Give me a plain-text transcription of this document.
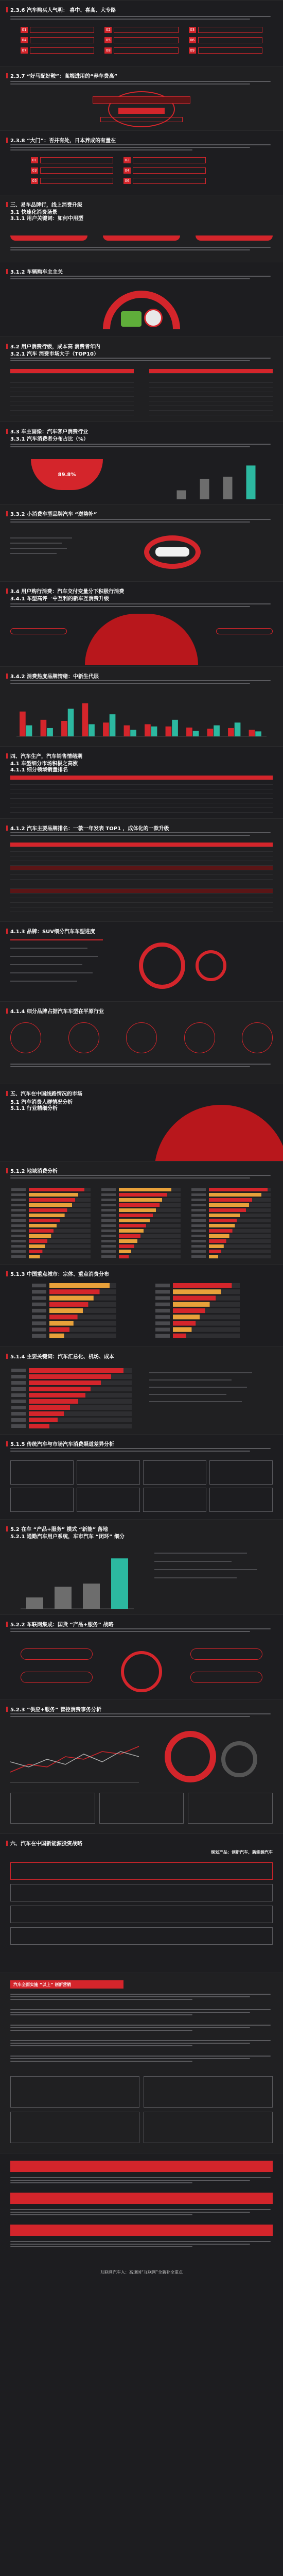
2.3.6 汽车购买人气明： 喜中、喜高、大专路
01	02	03
04	05	06
07	08	09
2.3.7 “好马配好鞍”：高端进用的“养车费高”
2.3.8 “大门”：否并有处，日本养成的有量在
01	02
03	04
05	06
三、易车品牌行，线上消费升级
3.1 快速化消费场景
3.1.1 用户关键词：如何中用型
3.1.2 车辆购车主主关
3.2 用户消费行级，成本高 消费者年内
3.2.1 汽车 消费市场大于（TOP10）
3.3 车主画像：汽车客户消费行业
3.3.1 汽车消费者分布占比（%）
89.8%
3.3.2 小消费车型品牌汽车 “逆势补”
3.4 用户购行消费：汽车交付变量分下积极行消费
3.4.1 车型高评一中互利的新车互消费升级
3.4.2 消费热度品牌情绪：中新生代层
四、汽车生产，汽车销售情绪期
4.1 车型细分市场积极之高涨
4.1.1 细分领域销量排名
4.1.2 汽车主要品牌排名：一款一年发表 TOP1 ，成体化的一款升级
4.1.3 品牌：SUV细分汽车车型进度
4.1.4 细分品牌占据汽车车型在平原行业
五、汽车在中国线路情况的市场
5.1 汽车消费人群情况分析
5.1.1 行业精细分析
5.1.2 地域消费分析
5.1.3 中国重点城市：宗体、重点消费分布
5.1.4 主要关键词：汽车汇总化、机场、成本
5.1.5 传统汽车与市场汽车消费渠道差异分析
5.2 在车 “产品+服务” 模式 “新能” 落地
5.2.1 通勤汽车用户系统，车市汽车 “闭环” 细分
5.2.2 车联网集成：国货 “产品+服务” 战略
5.2.3 “供应+服务” 管控消费事务分析
六、汽车在中国新能源投资战略
规划产品：创新汽车、新能源汽车
汽车全面实施 “以上” 创新营销
互联网汽车入：高速国“互联网”全新补全重点
